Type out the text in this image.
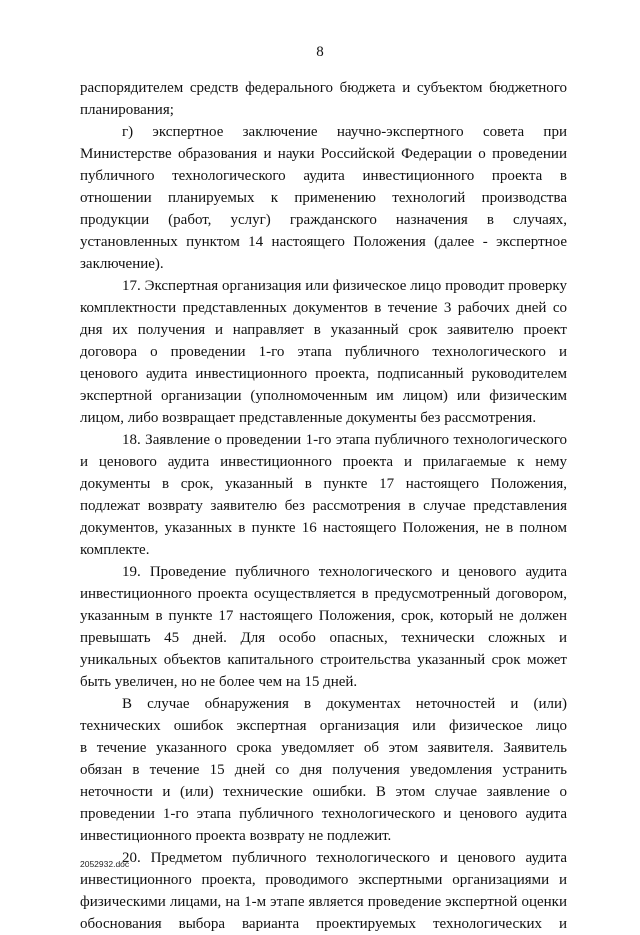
8
распорядителем средств федерального бюджета и субъектом бюджетного
планирования;
г) экспертное заключение научно-экспертного совета при
Министерстве образования и науки Российской Федерации о проведении
публичного технологического аудита инвестиционного проекта в
отношении планируемых к применению технологий производства
продукции (работ, услуг) гражданского назначения в случаях,
установленных пунктом 14 настоящего Положения (далее - экспертное
заключение).
17. Экспертная организация или физическое лицо проводит проверку
комплектности представленных документов в течение 3 рабочих дней со
дня их получения и направляет в указанный срок заявителю проект
договора о проведении 1-го этапа публичного технологического и
ценового аудита инвестиционного проекта, подписанный руководителем
экспертной организации (уполномоченным им лицом) или физическим
лицом, либо возвращает представленные документы без рассмотрения.
18. Заявление о проведении 1-го этапа публичного технологического
и ценового аудита инвестиционного проекта и прилагаемые к нему
документы в срок, указанный в пункте 17 настоящего Положения,
подлежат возврату заявителю без рассмотрения в случае представления
документов, указанных в пункте 16 настоящего Положения, не в полном
комплекте.
19. Проведение публичного технологического и ценового аудита
инвестиционного проекта осуществляется в предусмотренный договором,
указанным в пункте 17 настоящего Положения, срок, который не должен
превышать 45 дней. Для особо опасных, технически сложных и
уникальных объектов капитального строительства указанный срок может
быть увеличен, но не более чем на 15 дней.
В случае обнаружения в документах неточностей и (или)
технических ошибок экспертная организация или физическое лицо
в течение указанного срока уведомляет об этом заявителя. Заявитель
обязан в течение 15 дней со дня получения уведомления устранить
неточности и (или) технические ошибки. В этом случае заявление о
проведении 1-го этапа публичного технологического и ценового аудита
инвестиционного проекта возврату не подлежит.
20. Предметом публичного технологического и ценового аудита
инвестиционного проекта, проводимого экспертными организациями и
физическими лицами, на 1-м этапе является проведение экспертной оценки
обоснования выбора варианта проектируемых технологических и
2052932.doc
